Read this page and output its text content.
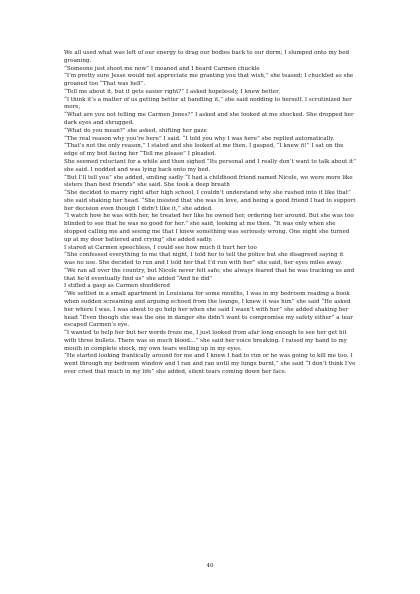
We all used what was left of our energy to drag our bodies back to our dorm; I slumped onto my bed groaning.

“Someone just shoot me now” I moaned and I heard Carmen chuckle

“I’m pretty sure Jesse would not appreciate me granting you that wish,” she teased; I chuckled as she groaned too “That was hell”.

“Tell me about it, but it gets easier right?” I asked hopelessly, I knew better,

“I think it’s a matter of us getting better at handling it,” she said nodding to herself. I scrutinized her more,

“What are you not telling me Carmen Jones?” I asked and she looked at me shocked. She dropped her dark eyes and shrugged.

“What do you mean?” she asked, shifting her gaze

“The real reason why you’re here” I said. “I told you why I was here” she replied automatically.

“That’s not the only reason,” I stated and she looked at me then, I gasped, “I knew it!” I sat on the edge of my bed facing her “Tell me please” I pleaded.

She seemed reluctant for a while and then sighed “Its personal and I really don’t want to talk about it” she said. I nodded and was lying back onto my bed.

“But I’ll tell you” she added, smiling sadly “I had a childhood friend named Nicole, we were more like sisters than best friends” she said. She took a deep breath

“She decided to marry right after high school, I couldn’t understand why she rushed into it like that” she said shaking her head. “She insisted that she was in love, and being a good friend I had to support her decision even though I didn’t like it,” she added.

“I watch how he was with her, he treated her like he owned her, ordering her around. But she was too blinded to see that he was no good for her.” she said, looking at me then. “It was only when she stopped calling me and seeing me that I knew something was seriously wrong. One night she turned up at my door battered and crying” she added sadly.

I stared at Carmen speechless, I could see how much it hurt her too

“She confessed everything to me that night, I told her to tell the police but she disagreed saying it was no use. She decided to run and I told her that I’d run with her” she said, her eyes miles away.

“We ran all over the country, but Nicole never felt safe; she always feared that he was tracking us and that he’d eventually find us” she added “And he did”

I stifled a gasp as Carmen shuddered

“We settled in a small apartment in Louisiana for some months, I was in my bedroom reading a book when sudden screaming and arguing echoed from the lounge, I knew it was him” she said “He asked her where I was. I was about to go help her when she said I wasn’t with her” she added shaking her head “Even though she was the one in danger she didn’t want to compromise my safety either” a tear escaped Carmen’s eye.

“I wanted to help her but her words froze me, I just looked from afar long enough to see her get hit with three bullets. There was so much blood…” she said her voice breaking. I raised my hand to my mouth in complete shock, my own tears welling up in my eyes.

“He started looking frantically around for me and I knew I had to run or he was going to kill me too. I went through my bedroom window and I ran and ran until my lungs burnt,” she said “I don’t think I’ve ever cried that much in my life” she added, silent tears coming down her face.

40
